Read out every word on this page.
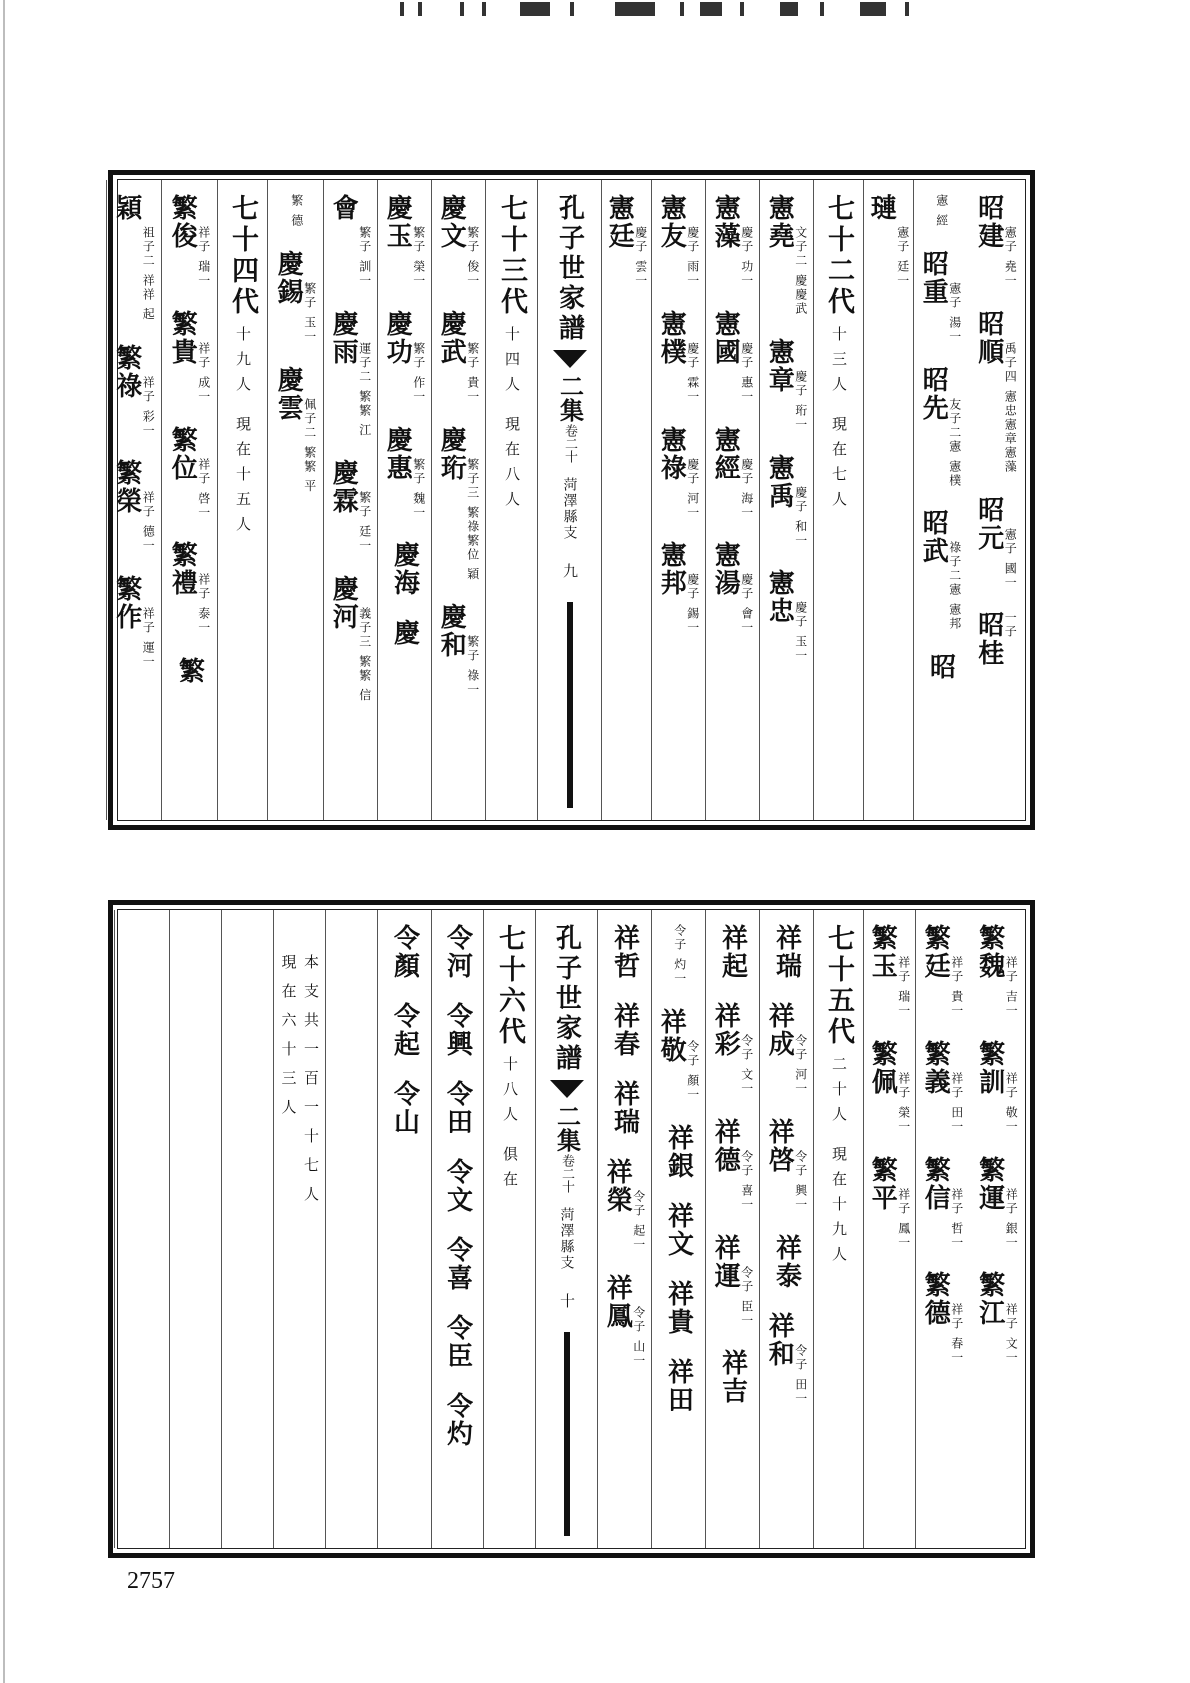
昭建
憲子 堯一
昭順
禹子四 憲忠憲章憲藻
昭元
憲子 國一
昭桂 一子
憲 經
昭重
憲子 湯一
昭先
友子二憲 憲樸
昭武
祿子二憲 憲邦
昭
璉
憲子 廷一
七十二代
十三人 現在七人
憲堯
文子二 慶慶武
憲章
慶子 珩一
憲禹
慶子 和一
憲忠
慶子 玉一
憲藻
慶子 功一
憲國
慶子 惠一
憲經
慶子 海一
憲湯
慶子 會一
憲友
慶子 雨一
憲樸
慶子 霖一
憲祿
慶子 河一
憲邦
慶子 錫一
憲廷
慶子 雲一
孔子世家譜
二集
卷二十
菏澤縣支
九
七十三代
十四人 現在八人
慶文
繁子 俊一
慶武
繁子 貴一
慶珩
繁子三 繁祿繁位 穎
慶和
繁子 祿一
慶玉
繁子 榮一
慶功
繁子 作一
慶惠
繁子 魏一
慶海
慶
會
繁子 訓一
慶雨
運子二 繁繁 江
慶霖
繁子 廷一
慶河
義子三 繁繁 信
繁 德
慶錫
繁子 玉一
慶雲
佩子二 繁繁 平
七十四代
十九人 現在十五人
繁俊
祥子 瑞一
繁貴
祥子 成一
繁位
祥子 啓一
繁禮
祥子 泰一
繁
穎
祖子二 祥祥 起
繁祿
祥子 彩一
繁榮
祥子 德一
繁作
祥子 運一
繁魏
祥子 吉一
繁訓
祥子 敬一
繁運
祥子 銀一
繁江
祥子 文一
繁廷
祥子 貴一
繁義
祥子 田一
繁信
祥子 哲一
繁德
祥子 春一
繁玉
祥子 瑞一
繁佩
祥子 榮一
繁平
祥子 鳳一
七十五代
二十人 現在十九人
祥瑞
祥成
令子 河一
祥啓
令子 興一
祥泰
祥和
令子 田一
祥起
祥彩
令子 文一
祥德
令子 喜一
祥運
令子 臣一
祥吉
令子 灼一
祥敬
令子 顏一
祥銀
祥文
祥貴
祥田
祥哲
祥春
祥瑞
祥榮
令子 起一
祥鳳
令子 山一
孔子世家譜
二集
卷二十
菏澤縣支
十
七十六代
十八人 俱在
令河
令興
令田
令文
令喜
令臣
令灼
令顏
令起
令山
本支共一百一十七人
現在六十三人
2757
